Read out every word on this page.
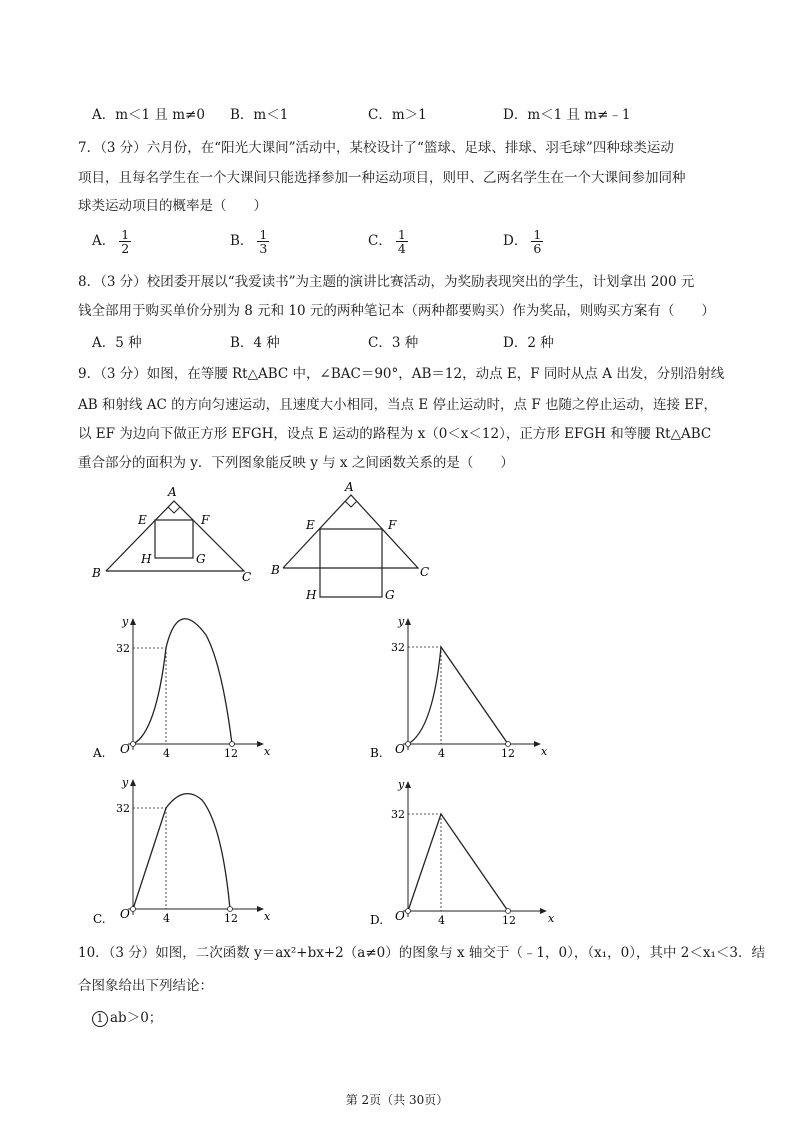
A．m＜1 且 m≠0 B．m＜1	C．m＞1	D．m＜1 且 m≠﹣1
7．（3 分）六月份，在“阳光大课间”活动中，某校设计了“篮球、足球、排球、羽毛球”四种球类运动
项目，且每名学生在一个大课间只能选择参加一种运动项目，则甲、乙两名学生在一个大课间参加同种
球类运动项目的概率是（　　）
A． $\frac{1}{2}$	B． $\frac{1}{3}$	C． $\frac{1}{4}$	D． $\frac{1}{6}$
8．（3 分）校团委开展以“我爱读书”为主题的演讲比赛活动，为奖励表现突出的学生，计划拿出 200 元
钱全部用于购买单价分别为 8 元和 10 元的两种笔记本（两种都要购买）作为奖品，则购买方案有（　　）
A．5 种	B．4 种	C．3 种	D．2 种
9．（3 分）如图，在等腰 Rt△ABC 中，∠BAC＝90°，AB＝12，动点 E，F 同时从点 A 出发，分别沿射线
AB 和射线 AC 的方向匀速运动，且速度大小相同，当点 E 停止运动时，点 F 也随之停止运动，连接 EF，
以 EF 为边向下做正方形 EFGH，设点 E 运动的路程为 x（0＜x＜12），正方形 EFGH 和等腰 Rt△ABC
重合部分的面积为 y．下列图象能反映 y 与 x 之间函数关系的是（　　）
A
E	F
H	G
B	C
A
E	F
B	C
H	G
y
x
O
32
4	12
A.
y
x
O
32
4	12
B.
y
x
O
32
4	12
C.
y
x
O
32
4	12
D.
10．（3 分）如图，二次函数 y＝ax²+bx+2（a≠0）的图象与 x 轴交于（﹣1，0），（x₁，0），其中 2＜x₁＜3．结
合图象给出下列结论：
1 ab＞0；
第 2页（共 30页）
